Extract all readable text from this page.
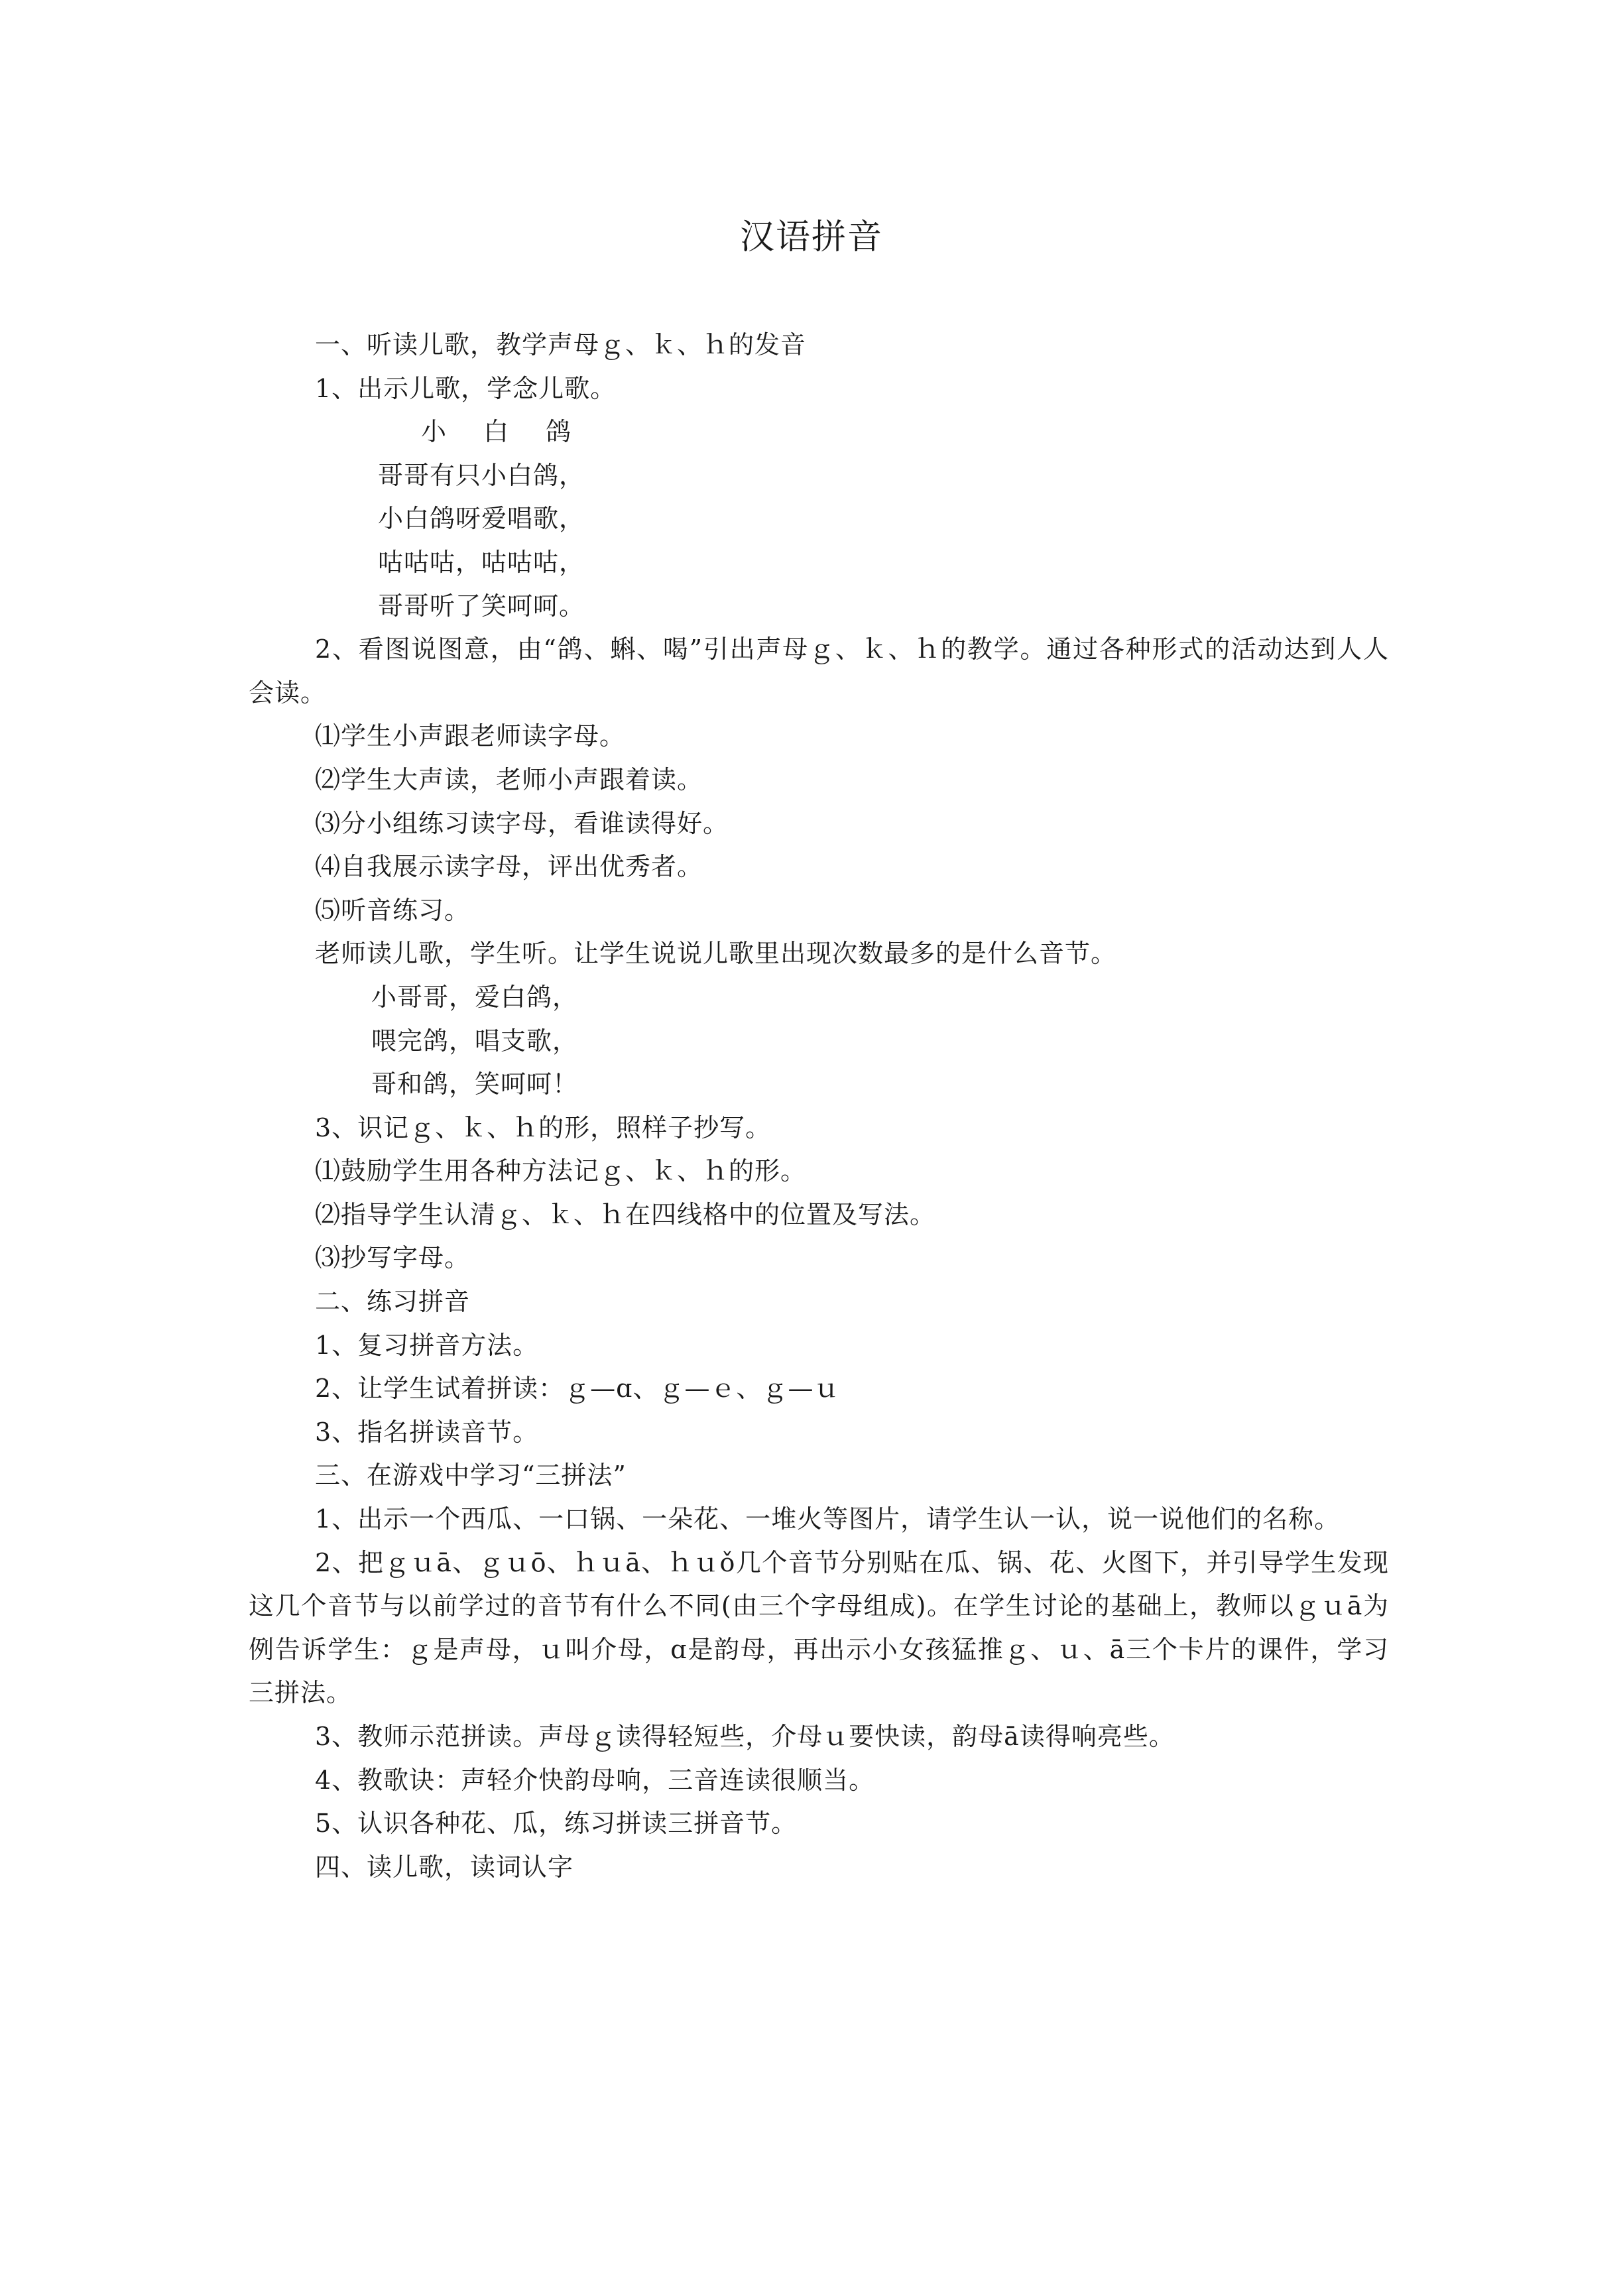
汉语拼音
一、听读儿歌，教学声母ｇ、ｋ、ｈ的发音
1、出示儿歌，学念儿歌。
小 白 鸽
哥哥有只小白鸽，
小白鸽呀爱唱歌，
咕咕咕，咕咕咕，
哥哥听了笑呵呵。
2、看图说图意，由“鸽、蝌、喝”引出声母ｇ、ｋ、ｈ的教学。通过各种形式的活动达到人人会读。
⑴学生小声跟老师读字母。
⑵学生大声读，老师小声跟着读。
⑶分小组练习读字母，看谁读得好。
⑷自我展示读字母，评出优秀者。
⑸听音练习。
老师读儿歌，学生听。让学生说说儿歌里出现次数最多的是什么音节。
小哥哥，爱白鸽，
喂完鸽，唱支歌，
哥和鸽，笑呵呵！
3、识记ｇ、ｋ、ｈ的形，照样子抄写。
⑴鼓励学生用各种方法记ｇ、ｋ、ｈ的形。
⑵指导学生认清ｇ、ｋ、ｈ在四线格中的位置及写法。
⑶抄写字母。
二、练习拼音
1、复习拼音方法。
2、让学生试着拼读：ｇ—ɑ、ｇ—ｅ、ｇ—ｕ
3、指名拼读音节。
三、在游戏中学习“三拼法”
1、出示一个西瓜、一口锅、一朵花、一堆火等图片，请学生认一认，说一说他们的名称。
2、把ｇｕā、ｇｕō、ｈｕā、ｈｕǒ几个音节分别贴在瓜、锅、花、火图下，并引导学生发现这几个音节与以前学过的音节有什么不同(由三个字母组成)。在学生讨论的基础上，教师以ｇｕā为例告诉学生：ｇ是声母，ｕ叫介母，ɑ是韵母，再出示小女孩猛推ｇ、ｕ、ā三个卡片的课件，学习三拼法。
3、教师示范拼读。声母ｇ读得轻短些，介母ｕ要快读，韵母ā读得响亮些。
4、教歌诀：声轻介快韵母响，三音连读很顺当。
5、认识各种花、瓜，练习拼读三拼音节。
四、读儿歌，读词认字
